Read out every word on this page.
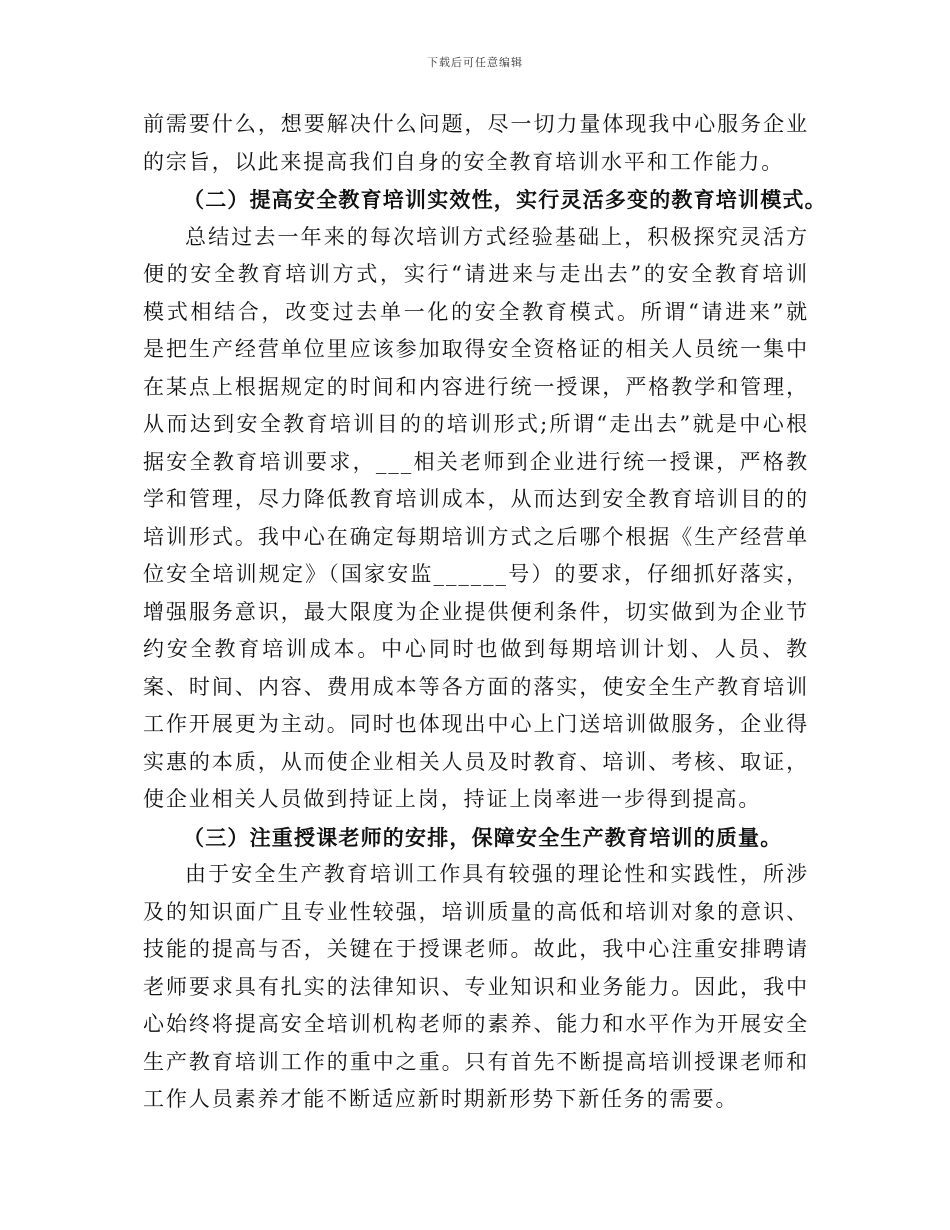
下载后可任意编辑

前需要什么，想要解决什么问题，尽一切力量体现我中心服务企业的宗旨，以此来提高我们自身的安全教育培训水平和工作能力。

（二）提高安全教育培训实效性，实行灵活多变的教育培训模式。

总结过去一年来的每次培训方式经验基础上，积极探究灵活方便的安全教育培训方式，实行“请进来与走出去”的安全教育培训模式相结合，改变过去单一化的安全教育模式。所谓“请进来”就是把生产经营单位里应该参加取得安全资格证的相关人员统一集中在某点上根据规定的时间和内容进行统一授课，严格教学和管理，从而达到安全教育培训目的的培训形式;所谓“走出去”就是中心根据安全教育培训要求，___相关老师到企业进行统一授课，严格教学和管理，尽力降低教育培训成本，从而达到安全教育培训目的的培训形式。我中心在确定每期培训方式之后哪个根据《生产经营单位安全培训规定》（国家安监______号）的要求，仔细抓好落实，增强服务意识，最大限度为企业提供便利条件，切实做到为企业节约安全教育培训成本。中心同时也做到每期培训计划、人员、教案、时间、内容、费用成本等各方面的落实，使安全生产教育培训工作开展更为主动。同时也体现出中心上门送培训做服务，企业得实惠的本质，从而使企业相关人员及时教育、培训、考核、取证，使企业相关人员做到持证上岗，持证上岗率进一步得到提高。

（三）注重授课老师的安排，保障安全生产教育培训的质量。

由于安全生产教育培训工作具有较强的理论性和实践性，所涉及的知识面广且专业性较强，培训质量的高低和培训对象的意识、技能的提高与否，关键在于授课老师。故此，我中心注重安排聘请老师要求具有扎实的法律知识、专业知识和业务能力。因此，我中心始终将提高安全培训机构老师的素养、能力和水平作为开展安全生产教育培训工作的重中之重。只有首先不断提高培训授课老师和工作人员素养才能不断适应新时期新形势下新任务的需要。
